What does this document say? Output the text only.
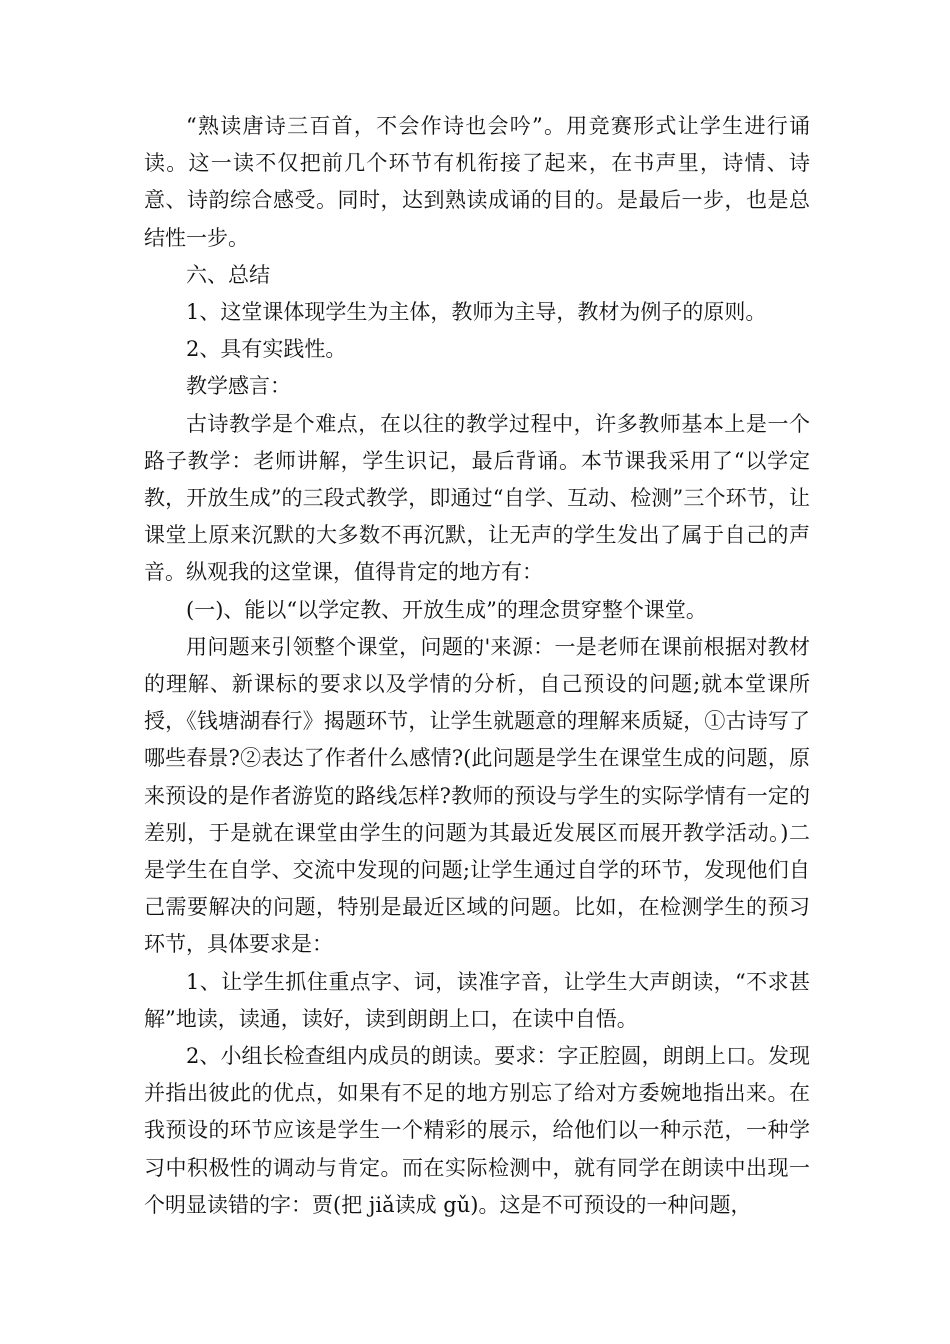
“熟读唐诗三百首，不会作诗也会吟”。用竞赛形式让学生进行诵读。这一读不仅把前几个环节有机衔接了起来，在书声里，诗情、诗意、诗韵综合感受。同时，达到熟读成诵的目的。是最后一步，也是总结性一步。

六、总结

1、这堂课体现学生为主体，教师为主导，教材为例子的原则。

2、具有实践性。

教学感言：

古诗教学是个难点，在以往的教学过程中，许多教师基本上是一个路子教学：老师讲解，学生识记，最后背诵。本节课我采用了“以学定教，开放生成”的三段式教学，即通过“自学、互动、检测”三个环节，让课堂上原来沉默的大多数不再沉默，让无声的学生发出了属于自己的声音。纵观我的这堂课，值得肯定的地方有：

(一)、能以“以学定教、开放生成”的理念贯穿整个课堂。

用问题来引领整个课堂，问题的'来源：一是老师在课前根据对教材的理解、新课标的要求以及学情的分析，自己预设的问题;就本堂课所授，《钱塘湖春行》揭题环节，让学生就题意的理解来质疑，①古诗写了哪些春景?②表达了作者什么感情?(此问题是学生在课堂生成的问题，原来预设的是作者游览的路线怎样?教师的预设与学生的实际学情有一定的差别，于是就在课堂由学生的问题为其最近发展区而展开教学活动。)二是学生在自学、交流中发现的问题;让学生通过自学的环节，发现他们自己需要解决的问题，特别是最近区域的问题。比如，在检测学生的预习环节，具体要求是：

1、让学生抓住重点字、词，读准字音，让学生大声朗读，“不求甚解”地读，读通，读好，读到朗朗上口，在读中自悟。

2、小组长检查组内成员的朗读。要求：字正腔圆，朗朗上口。发现并指出彼此的优点，如果有不足的地方别忘了给对方委婉地指出来。在我预设的环节应该是学生一个精彩的展示，给他们以一种示范，一种学习中积极性的调动与肯定。而在实际检测中，就有同学在朗读中出现一个明显读错的字：贾(把 jiǎ读成 gǔ)。这是不可预设的一种问题，
